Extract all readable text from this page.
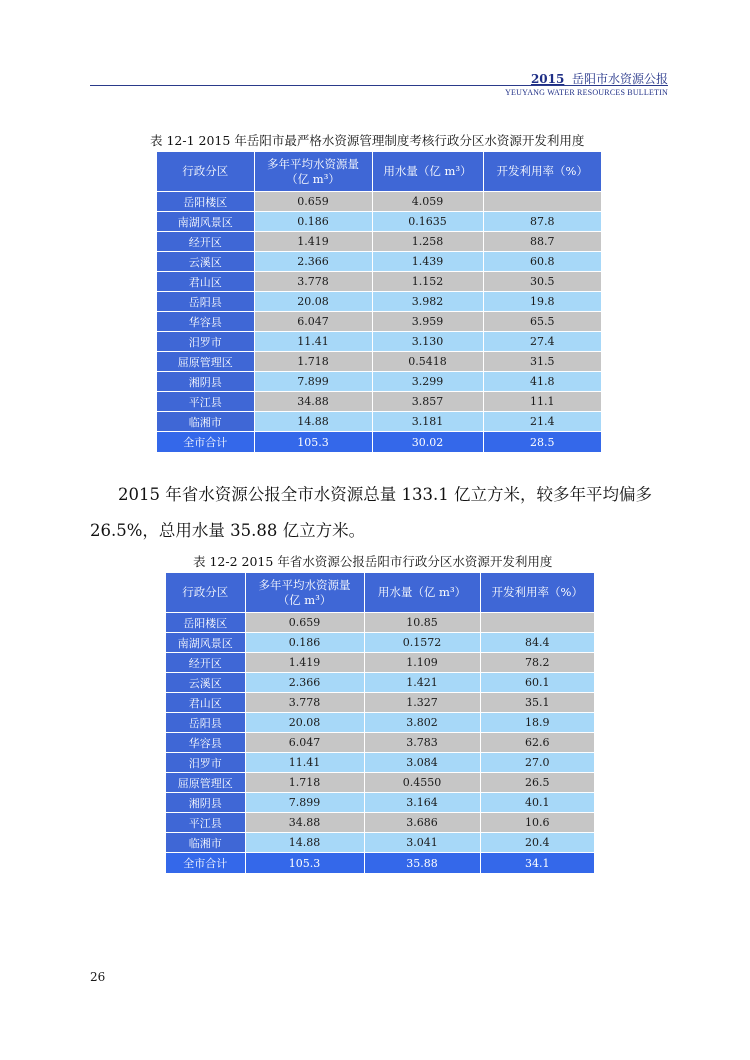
2015 岳阳市水资源公报
YEUYANG WATER RESOURCES BULLETIN
表 12-1 2015 年岳阳市最严格水资源管理制度考核行政分区水资源开发利用度
行政分区	多年平均水资源量
（亿 m³）	用水量（亿 m³）	开发利用率（%）
岳阳楼区	0.659	4.059	
南湖风景区	0.186	0.1635	87.8
经开区	1.419	1.258	88.7
云溪区	2.366	1.439	60.8
君山区	3.778	1.152	30.5
岳阳县	20.08	3.982	19.8
华容县	6.047	3.959	65.5
汨罗市	11.41	3.130	27.4
屈原管理区	1.718	0.5418	31.5
湘阴县	7.899	3.299	41.8
平江县	34.88	3.857	11.1
临湘市	14.88	3.181	21.4
全市合计	105.3	30.02	28.5
2015 年省水资源公报全市水资源总量 133.1 亿立方米，较多年平均偏多
26.5%，总用水量 35.88 亿立方米。
表 12-2 2015 年省水资源公报岳阳市行政分区水资源开发利用度
行政分区	多年平均水资源量
（亿 m³）	用水量（亿 m³）	开发利用率（%）
岳阳楼区	0.659	10.85	
南湖风景区	0.186	0.1572	84.4
经开区	1.419	1.109	78.2
云溪区	2.366	1.421	60.1
君山区	3.778	1.327	35.1
岳阳县	20.08	3.802	18.9
华容县	6.047	3.783	62.6
汨罗市	11.41	3.084	27.0
屈原管理区	1.718	0.4550	26.5
湘阴县	7.899	3.164	40.1
平江县	34.88	3.686	10.6
临湘市	14.88	3.041	20.4
全市合计	105.3	35.88	34.1
26
